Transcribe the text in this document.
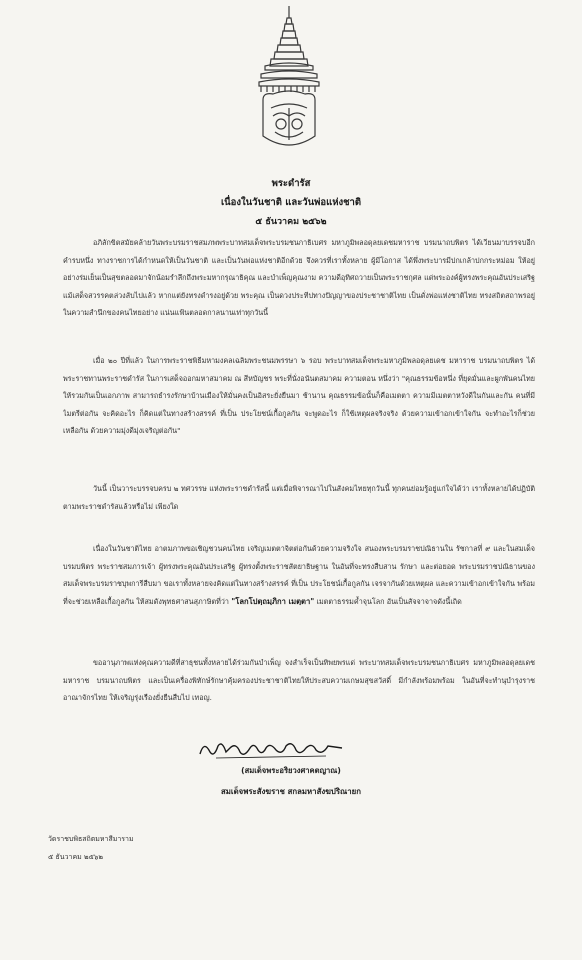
พระดำรัส
เนื่องในวันชาติ และวันพ่อแห่งชาติ
๕ ธันวาคม ๒๕๖๒
อภิลักขิตสมัยคล้ายวันพระบรมราชสมภพพระบาทสมเด็จพระบรมชนกาธิเบศร มหาภูมิพลอดุลยเดชมหาราช บรมนาถบพิตร ได้เวียนมาบรรจบอีกคำรบหนึ่ง ทางราชการได้กำหนดให้เป็นวันชาติ และเป็นวันพ่อแห่งชาติอีกด้วย จึงควรที่เราทั้งหลาย ผู้มีโอกาส ได้พึ่งพระบารมีปกเกล้าปกกระหม่อม ให้อยู่อย่างร่มเย็นเป็นสุขตลอดมาจักน้อมรำลึกถึงพระมหากรุณาธิคุณ และบำเพ็ญคุณงาม ความดีอุทิศถวายเป็นพระราชกุศล แด่พระองค์ผู้ทรงพระคุณอันประเสริฐแม้เสด็จสวรรคตล่วงลับไปแล้ว หากแต่ยังทรงดำรงอยู่ด้วย พระคุณ เป็นดวงประทีปทางปัญญาของประชาชาติไทย เป็นดั่งพ่อแห่งชาติไทย ทรงสถิตสถาพรอยู่ในความสำนึกของคนไทยอย่าง แน่นแฟ้นตลอดกาลนานเท่าทุกวันนี้
เมื่อ ๒๐ ปีที่แล้ว ในการพระราชพิธีมหามงคลเฉลิมพระชนมพรรษา ๖ รอบ พระบาทสมเด็จพระมหาภูมิพลอดุลยเดช มหาราช บรมนาถบพิตร ได้พระราชทานพระราชดำรัส ในการเสด็จออกมหาสมาคม ณ สีหบัญชร พระที่นั่งอนันตสมาคม ความตอน หนึ่งว่า "คุณธรรมข้อหนึ่ง ที่ยุดมั่นและผูกพันคนไทยให้รวมกันเป็นเอกภาพ สามารถธำรงรักษาบ้านเมืองให้มั่นคงเป็นอิสระยั่งยืนมา ช้านาน คุณธรรมข้อนั้นก็คือเมตตา ความมีเมตตาหวังดีในกันและกัน คนที่มีไมตรีต่อกัน จะคิดอะไร ก็คิดแต่ในทางสร้างสรรค์ ที่เป็น ประโยชน์เกื้อกูลกัน จะพูดอะไร ก็ใช้เหตุผลจริงจริง ด้วยความเข้าอกเข้าใจกัน จะทำอะไรก็ช่วยเหลือกัน ด้วยความมุ่งดีมุ่งเจริญต่อกัน"
วันนี้ เป็นวาระบรรจบครบ ๒ ทศวรรษ แห่งพระราชดำรัสนี้ แต่เมื่อพิจารณาไปในสังคมไทยทุกวันนี้ ทุกคนย่อมรู้อยู่แก่ใจได้ว่า เราทั้งหลายได้ปฏิบัติตามพระราชดำรัสแล้วหรือไม่ เพียงใด
เนื่องในวันชาติไทย อาตมภาพขอเชิญชวนคนไทย เจริญเมตตาจิตต่อกันด้วยความจริงใจ สนองพระบรมราชปณิธานใน รัชกาลที่ ๙ และในสมเด็จบรมบพิตร พระราชสมภารเจ้า ผู้ทรงพระคุณอันประเสริฐ ผู้ทรงตั้งพระราชสัตยาธิษฐาน ในอันที่จะทรงสืบสาน รักษา และต่อยอด พระบรมราชปณิธานของสมเด็จพระบรมราชบุพการีสืบมา ขอเราทั้งหลายจงคิดแต่ในทางสร้างสรรค์ ที่เป็น ประโยชน์เกื้อกูลกัน เจรจากันด้วยเหตุผล และความเข้าอกเข้าใจกัน พร้อมที่จะช่วยเหลือเกื้อกูลกัน ให้สมดังพุทธศาสนสุภาษิตที่ว่า "โลกโปตฺถมฺภิกา เมตฺตา" เมตตาธรรมค้ำจุนโลก อันเป็นสัจจาจาจดังนี้เถิด
ขออานุภาพแห่งคุณความดีที่สาธุชนทั้งหลายได้ร่วมกันบำเพ็ญ จงสำเร็จเป็นทิพยพรแด่ พระบาทสมเด็จพระบรมชนกาธิเบศร มหาภูมิพลอดุลยเดชมหาราช บรมนาถบพิตร และเป็นเครื่องพิทักษ์รักษาคุ้มครองประชาชาติไทยให้ประสบความเกษมสุขสวัสดิ์ มีกำลังพร้อมพร้อม ในอันที่จะทำนุบำรุงราชอาณาจักรไทย ให้เจริญรุ่งเรืองยั่งยืนสืบไป เทอญ.
(สมเด็จพระอริยวงศาคตญาณ)
สมเด็จพระสังฆราช สกลมหาสังฆปริณายก
วัดราชบพิธสถิตมหาสีมาราม
๕ ธันวาคม ๒๕๖๒
